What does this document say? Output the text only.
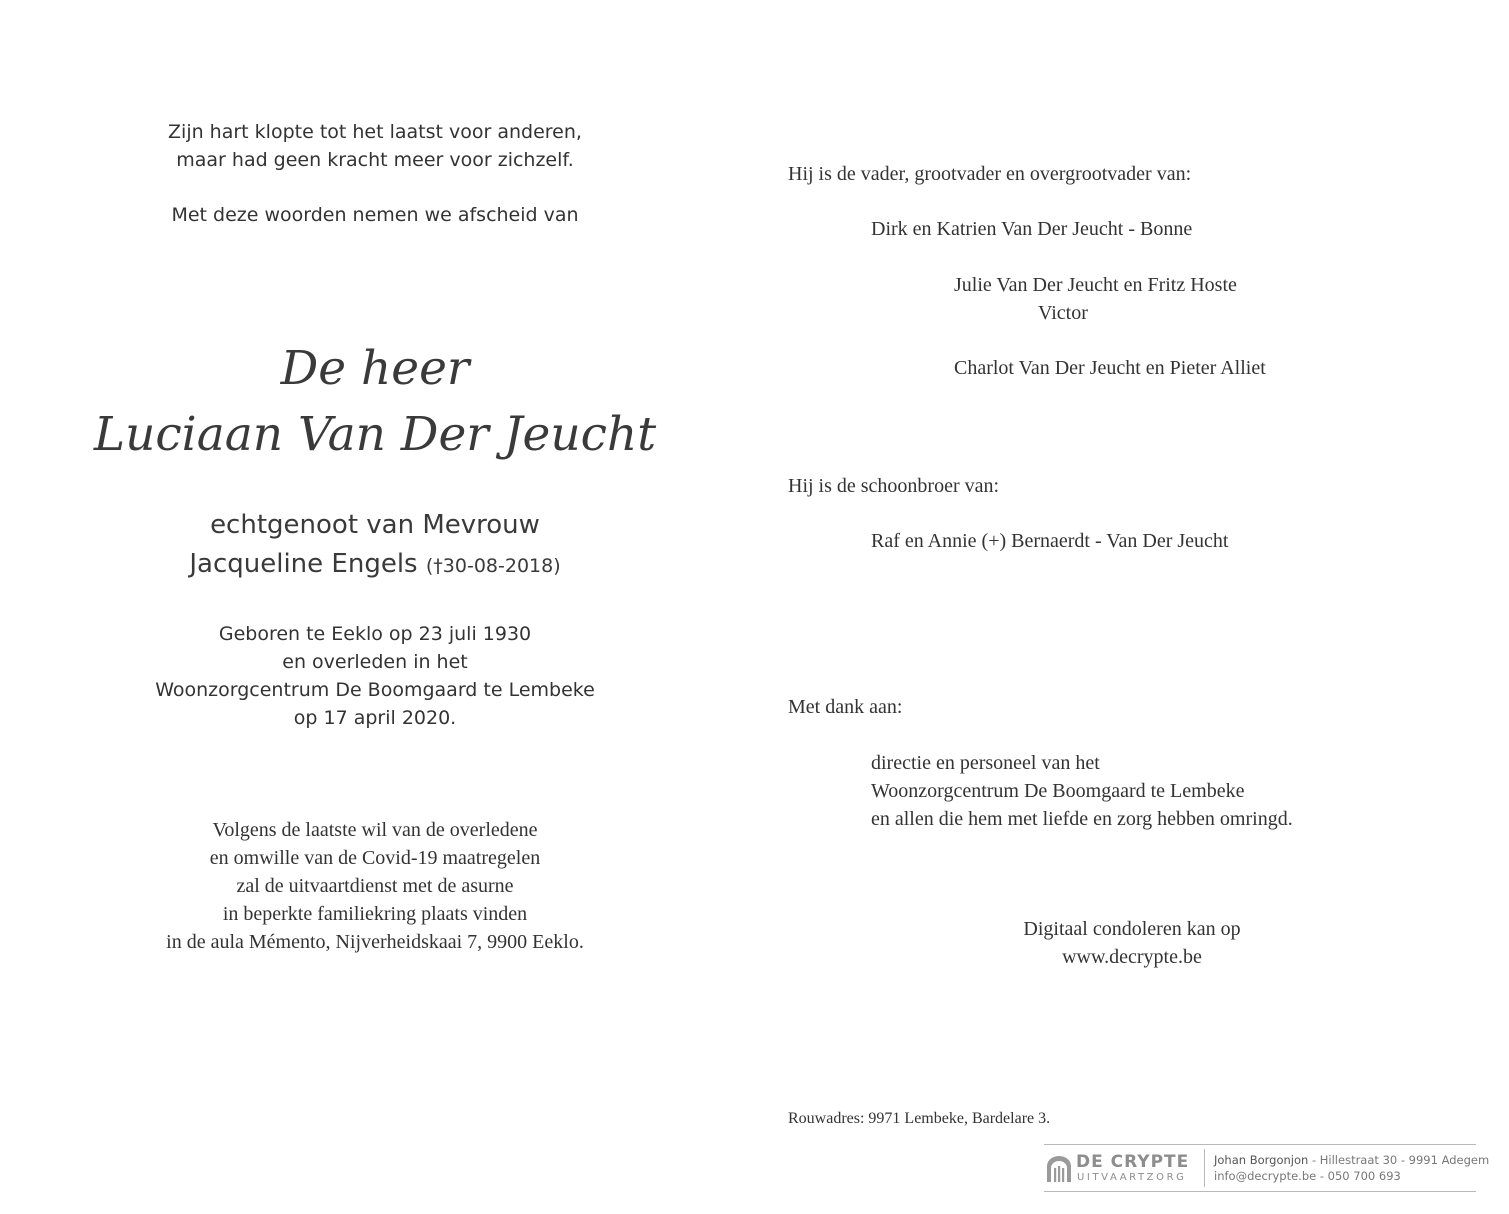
Zijn hart klopte tot het laatst voor anderen,
maar had geen kracht meer voor zichzelf.
Met deze woorden nemen we afscheid van
De heer
Luciaan Van Der Jeucht
echtgenoot van Mevrouw
Jacqueline Engels (†30-08-2018)
Geboren te Eeklo op 23 juli 1930
en overleden in het
Woonzorgcentrum De Boomgaard te Lembeke
op 17 april 2020.
Volgens de laatste wil van de overledene
en omwille van de Covid-19 maatregelen
zal de uitvaartdienst met de asurne
in beperkte familiekring plaats vinden
in de aula Mémento, Nijverheidskaai 7, 9900 Eeklo.
Hij is de vader, grootvader en overgrootvader van:
Dirk en Katrien Van Der Jeucht - Bonne
Julie Van Der Jeucht en Fritz Hoste
Victor
Charlot Van Der Jeucht en Pieter Alliet
Hij is de schoonbroer van:
Raf en Annie (+) Bernaerdt - Van Der Jeucht
Met dank aan:
directie en personeel van het
Woonzorgcentrum De Boomgaard te Lembeke
en allen die hem met liefde en zorg hebben omringd.
Digitaal condoleren kan op
www.decrypte.be
Rouwadres: 9971 Lembeke, Bardelare 3.
DE CRYPTE
UITVAARTZORG
Johan Borgonjon - Hillestraat 30 - 9991 Adegem
info@decrypte.be - 050 700 693
